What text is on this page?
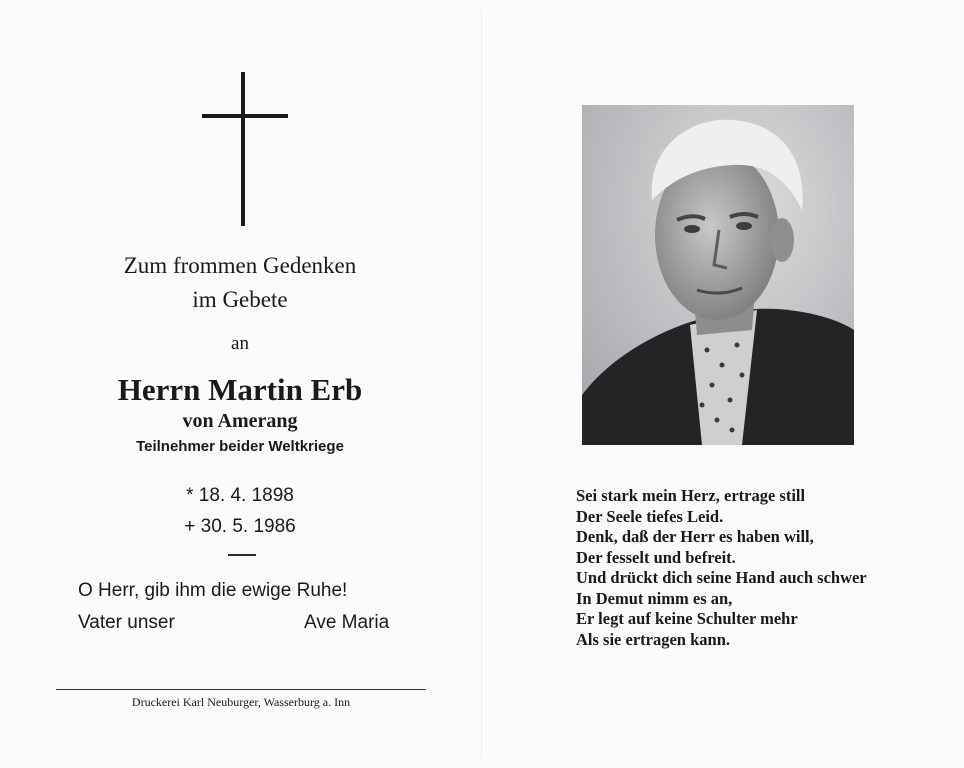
Zum frommen Gedenken
im Gebete
an
Herrn Martin Erb
von Amerang
Teilnehmer beider Weltkriege
* 18. 4. 1898
+ 30. 5. 1986
O Herr, gib ihm die ewige Ruhe!
Vater unser	Ave Maria
Druckerei Karl Neuburger, Wasserburg a. Inn
Sei stark mein Herz, ertrage still
Der Seele tiefes Leid.
Denk, daß der Herr es haben will,
Der fesselt und befreit.
Und drückt dich seine Hand auch schwer
In Demut nimm es an,
Er legt auf keine Schulter mehr
Als sie ertragen kann.
